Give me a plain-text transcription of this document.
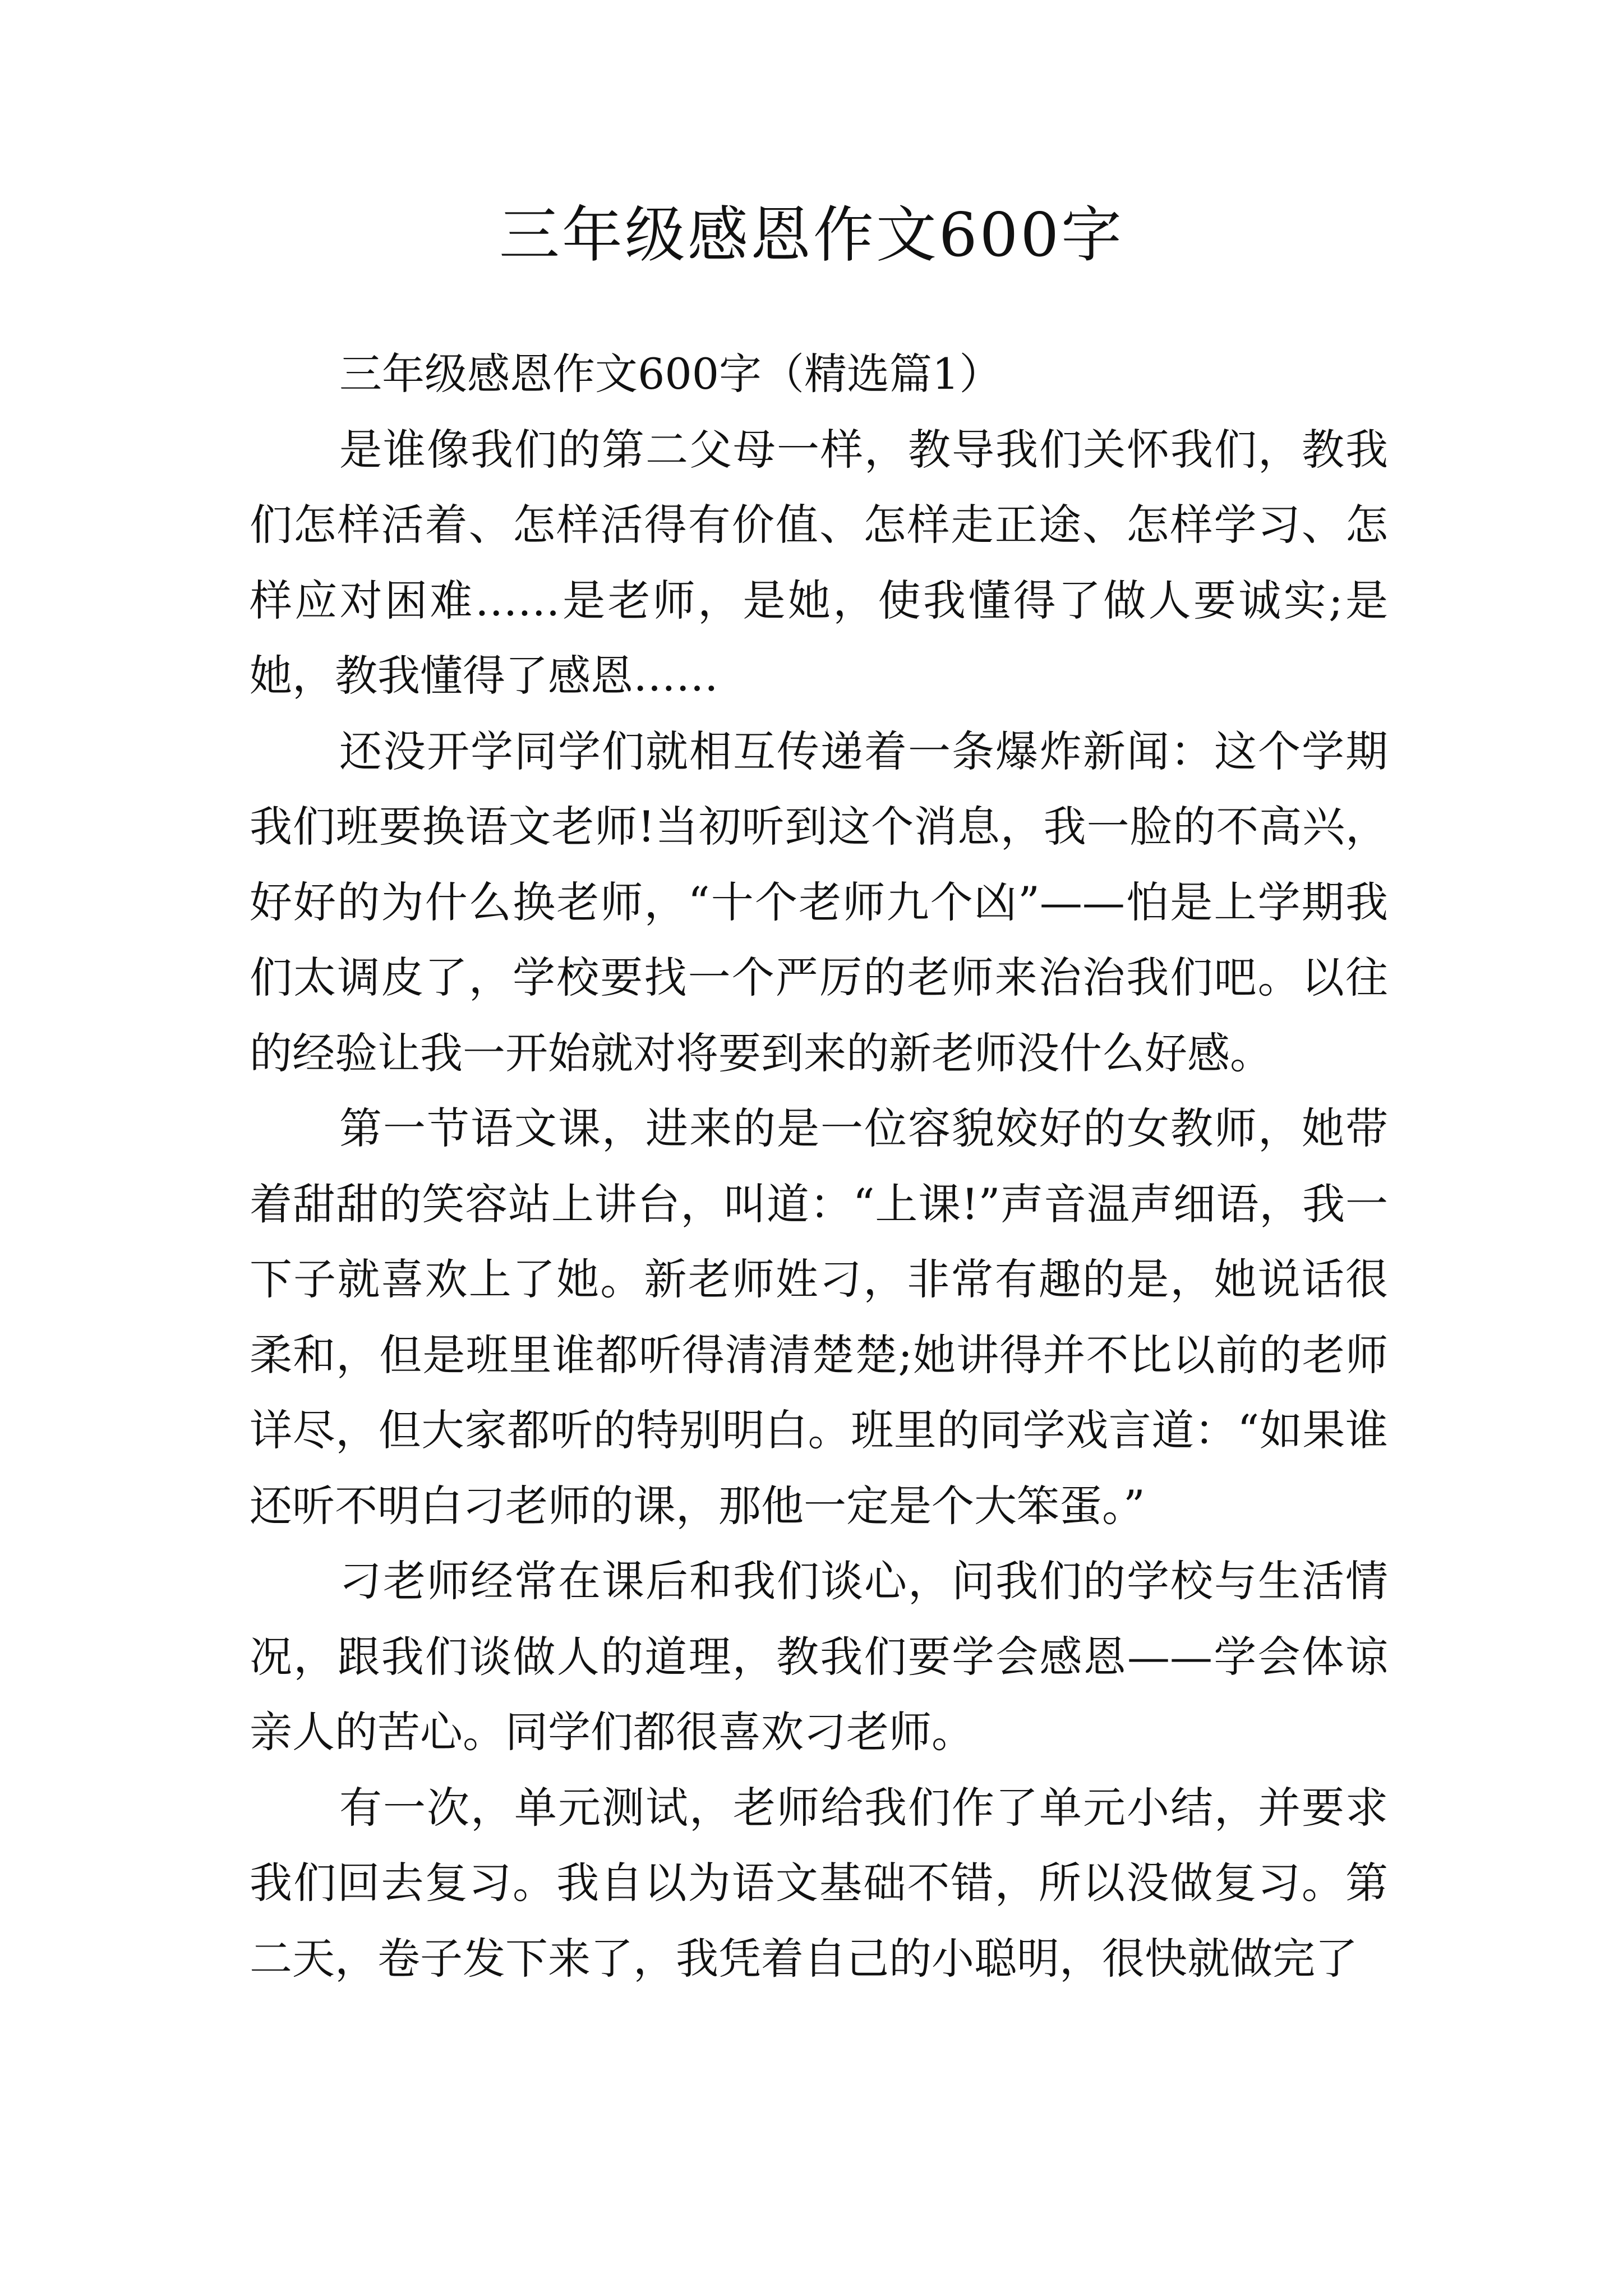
三年级感恩作文600字

三年级感恩作文600字（精选篇1）

是谁像我们的第二父母一样，教导我们关怀我们，教我们怎样活着、怎样活得有价值、怎样走正途、怎样学习、怎样应对困难……是老师，是她，使我懂得了做人要诚实;是她，教我懂得了感恩……

还没开学同学们就相互传递着一条爆炸新闻：这个学期我们班要换语文老师!当初听到这个消息，我一脸的不高兴，好好的为什么换老师，“十个老师九个凶”——怕是上学期我们太调皮了，学校要找一个严厉的老师来治治我们吧。以往的经验让我一开始就对将要到来的新老师没什么好感。

第一节语文课，进来的是一位容貌姣好的女教师，她带着甜甜的笑容站上讲台，叫道：“上课!”声音温声细语，我一下子就喜欢上了她。新老师姓刁，非常有趣的是，她说话很柔和，但是班里谁都听得清清楚楚;她讲得并不比以前的老师详尽，但大家都听的特别明白。班里的同学戏言道：“如果谁还听不明白刁老师的课，那他一定是个大笨蛋。”

刁老师经常在课后和我们谈心，问我们的学校与生活情况，跟我们谈做人的道理，教我们要学会感恩——学会体谅亲人的苦心。同学们都很喜欢刁老师。

有一次，单元测试，老师给我们作了单元小结，并要求我们回去复习。我自以为语文基础不错，所以没做复习。第二天，卷子发下来了，我凭着自己的小聪明，很快就做完了
